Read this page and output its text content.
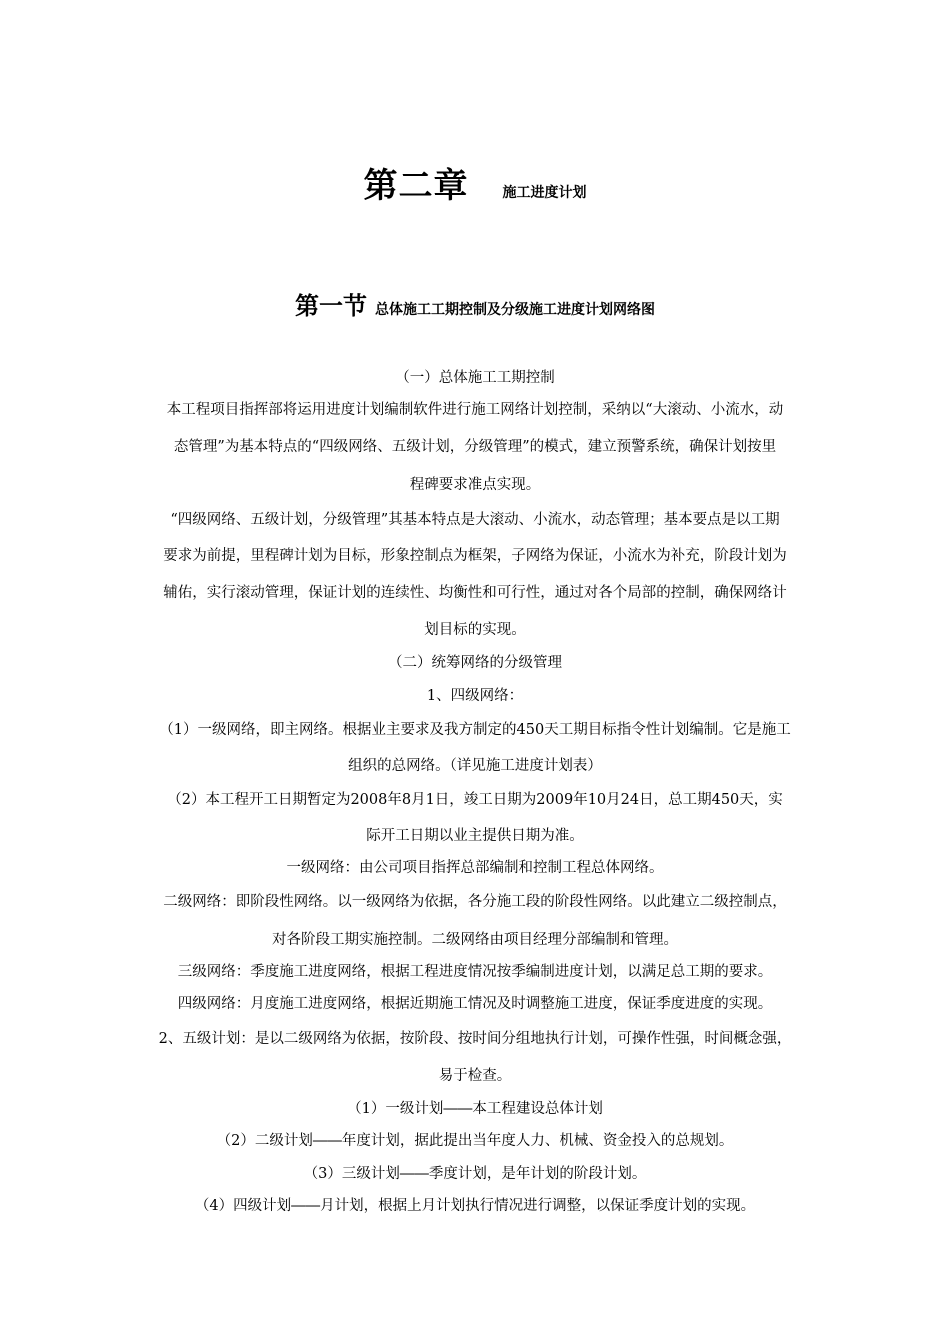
第二章 施工进度计划
第一节 总体施工工期控制及分级施工进度计划网络图
（一）总体施工工期控制
本工程项目指挥部将运用进度计划编制软件进行施工网络计划控制，采纳以“大滚动、小流水，动
态管理”为基本特点的“四级网络、五级计划，分级管理”的模式，建立预警系统，确保计划按里
程碑要求准点实现。
“四级网络、五级计划，分级管理”其基本特点是大滚动、小流水，动态管理；基本要点是以工期
要求为前提，里程碑计划为目标，形象控制点为框架，子网络为保证，小流水为补充，阶段计划为
辅佑，实行滚动管理，保证计划的连续性、均衡性和可行性，通过对各个局部的控制，确保网络计
划目标的实现。
（二）统筹网络的分级管理
1、四级网络：
（1）一级网络，即主网络。根据业主要求及我方制定的450天工期目标指令性计划编制。它是施工
组织的总网络。（详见施工进度计划表）
（2）本工程开工日期暂定为2008年8月1日，竣工日期为2009年10月24日，总工期450天，实
际开工日期以业主提供日期为准。
一级网络：由公司项目指挥总部编制和控制工程总体网络。
二级网络：即阶段性网络。以一级网络为依据，各分施工段的阶段性网络。以此建立二级控制点，
对各阶段工期实施控制。二级网络由项目经理分部编制和管理。
三级网络：季度施工进度网络，根据工程进度情况按季编制进度计划，以满足总工期的要求。
四级网络：月度施工进度网络，根据近期施工情况及时调整施工进度，保证季度进度的实现。
2、五级计划：是以二级网络为依据，按阶段、按时间分组地执行计划，可操作性强，时间概念强，
易于检查。
（1）一级计划――本工程建设总体计划
（2）二级计划――年度计划，据此提出当年度人力、机械、资金投入的总规划。
（3）三级计划――季度计划，是年计划的阶段计划。
（4）四级计划――月计划，根据上月计划执行情况进行调整，以保证季度计划的实现。
